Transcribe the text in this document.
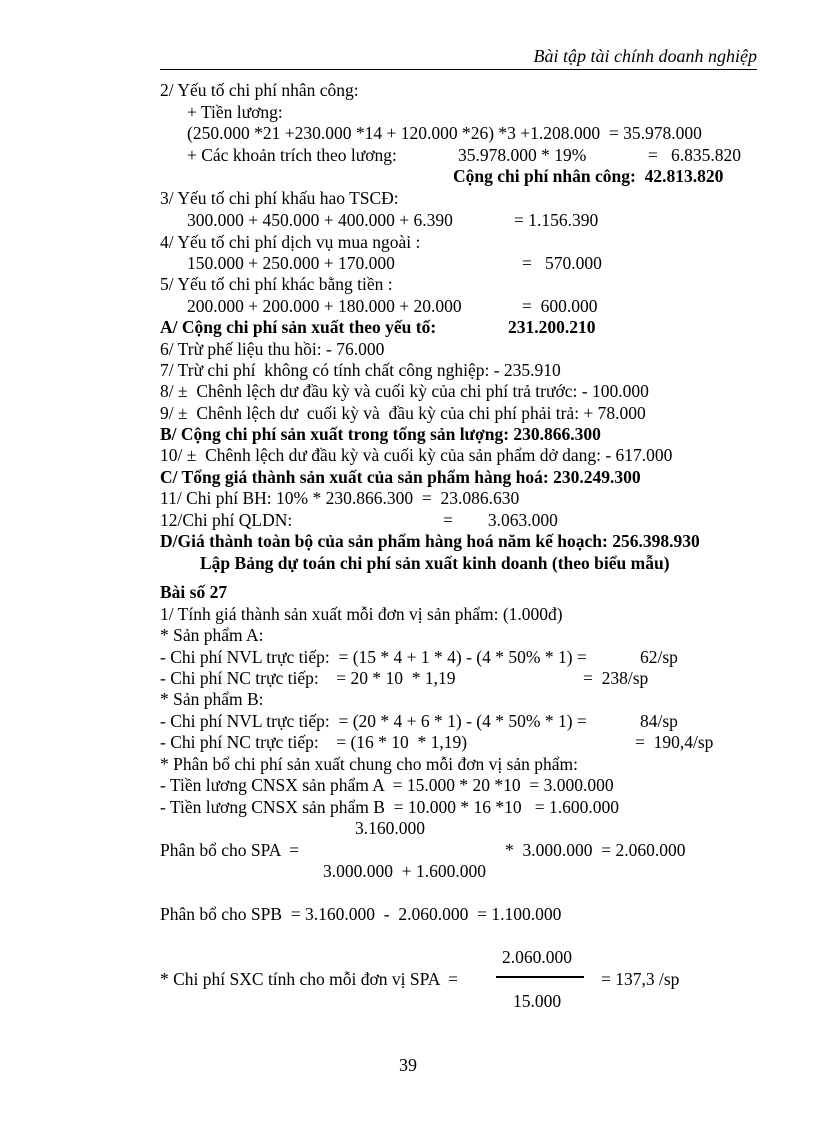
Bài tập tài chính doanh nghiệp
2/ Yếu tố chi phí nhân công:
+ Tiền lương:
(250.000 *21 +230.000 *14 + 120.000 *26) *3 +1.208.000  = 35.978.000
+ Các khoản trích theo lương:	35.978.000 * 19%	=   6.835.820
Cộng chi phí nhân công:  42.813.820
3/ Yếu tố chi phí khấu hao TSCĐ:
300.000 + 450.000 + 400.000 + 6.390	= 1.156.390
4/ Yếu tố chi phí dịch vụ mua ngoài :
150.000 + 250.000 + 170.000	=   570.000
5/ Yếu tố chi phí khác bằng tiền :
200.000 + 200.000 + 180.000 + 20.000	=  600.000
A/ Cộng chi phí sản xuất theo yếu tố:	231.200.210
6/ Trừ phế liệu thu hồi: - 76.000
7/ Trừ chi phí  không có tính chất công nghiệp: - 235.910
8/ ±  Chênh lệch dư đầu kỳ và cuối kỳ của chi phí trả trước: - 100.000
9/ ±  Chênh lệch dư  cuối kỳ và  đầu kỳ của chi phí phải trả: + 78.000
B/ Cộng chi phí sản xuất trong tổng sản lượng: 230.866.300
10/ ±  Chênh lệch dư đầu kỳ và cuối kỳ của sản phẩm dở dang: - 617.000
C/ Tổng giá thành sản xuất của sản phẩm hàng hoá: 230.249.300
11/ Chi phí BH: 10% * 230.866.300  =  23.086.630
12/Chi phí QLDN:	=        3.063.000
D/Giá thành toàn bộ của sản phẩm hàng hoá năm kế hoạch: 256.398.930
Lập Bảng dự toán chi phí sản xuất kinh doanh (theo biểu mẫu)
Bài số 27
1/ Tính giá thành sản xuất mỗi đơn vị sản phẩm: (1.000đ)
* Sản phẩm A:
- Chi phí NVL trực tiếp:  = (15 * 4 + 1 * 4) - (4 * 50% * 1) =	62/sp
- Chi phí NC trực tiếp:    = 20 * 10  * 1,19	=  238/sp
* Sản phẩm B:
- Chi phí NVL trực tiếp:  = (20 * 4 + 6 * 1) - (4 * 50% * 1) =	84/sp
- Chi phí NC trực tiếp:    = (16 * 10  * 1,19)	=  190,4/sp
* Phân bổ chi phí sản xuất chung cho mỗi đơn vị sản phẩm:
- Tiền lương CNSX sản phẩm A  = 15.000 * 20 *10  = 3.000.000
- Tiền lương CNSX sản phẩm B  = 10.000 * 16 *10   = 1.600.000
3.160.000
Phân bổ cho SPA  =	*  3.000.000  = 2.060.000
3.000.000  + 1.600.000
Phân bổ cho SPB  = 3.160.000  -  2.060.000  = 1.100.000
2.060.000
* Chi phí SXC tính cho mỗi đơn vị SPA  =	= 137,3 /sp
15.000
39
